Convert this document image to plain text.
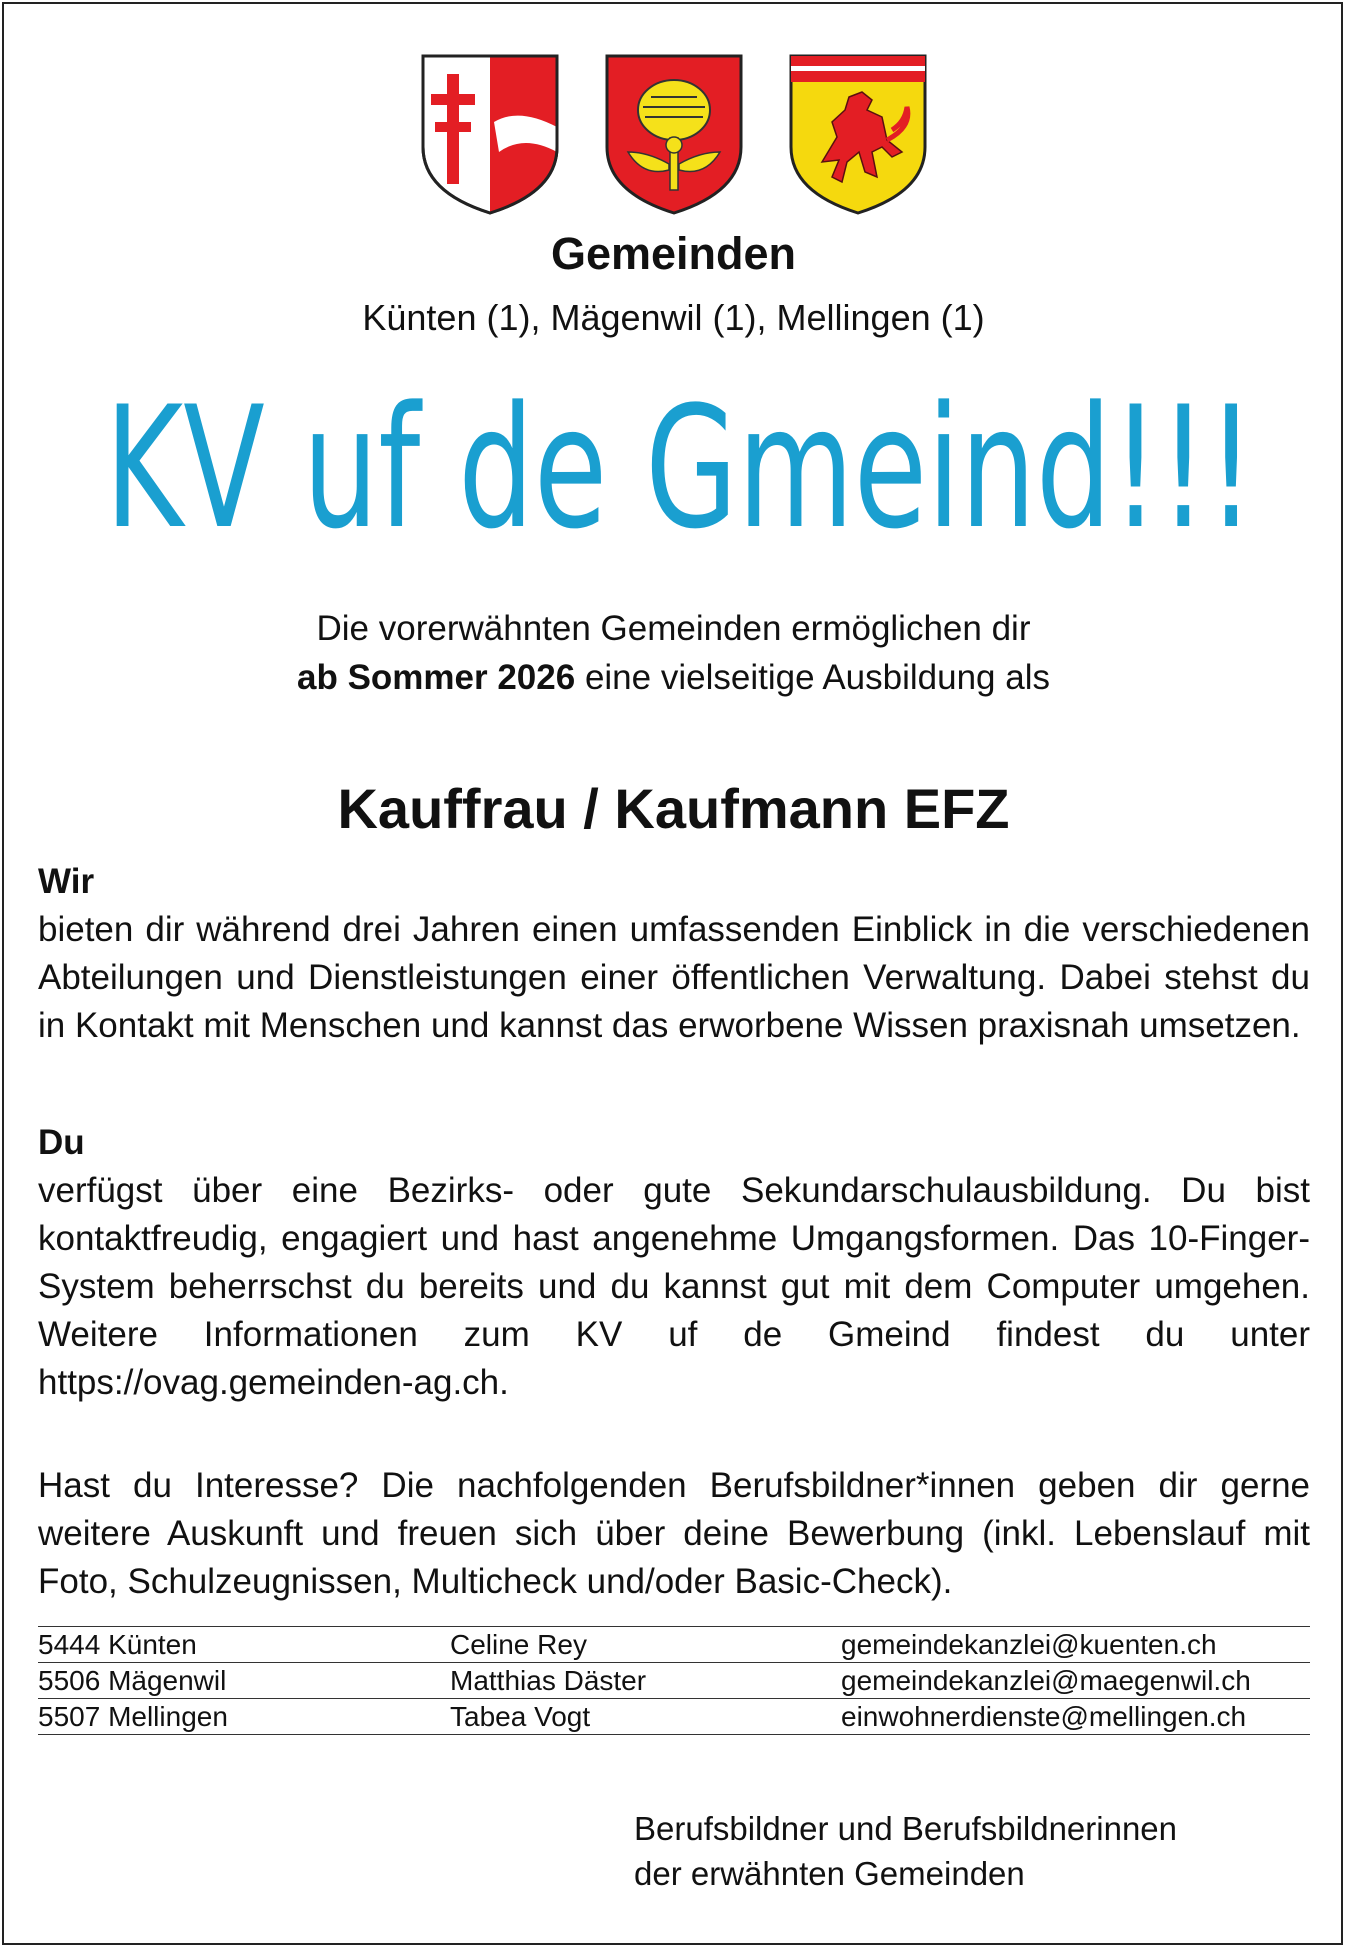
Gemeinden
Künten (1), Mägenwil (1), Mellingen (1)
KV uf de Gmeind!!!
Die vorerwähnten Gemeinden ermöglichen dir
ab Sommer 2026 eine vielseitige Ausbildung als
Kauffrau / Kaufmann EFZ
Wir

bieten dir während drei Jahren einen umfassenden Einblick in die verschiedenen Abteilungen und Dienstleistungen einer öffentlichen Verwaltung. Dabei stehst du in Kontakt mit Menschen und kannst das erworbene Wissen praxisnah umsetzen.

Du

verfügst über eine Bezirks- oder gute Sekundarschulausbildung. Du bist kontaktfreudig, engagiert und hast angenehme Umgangsformen. Das 10-Finger-System beherrschst du bereits und du kannst gut mit dem Computer umgehen. Weitere Informationen zum KV uf de Gmeind findest du unter https://ovag.gemeinden-ag.ch.

Hast du Interesse? Die nachfolgenden Berufsbildner*innen geben dir gerne weitere Auskunft und freuen sich über deine Bewerbung (inkl. Lebenslauf mit Foto, Schulzeugnissen, Multicheck und/oder Basic-Check).

5444 Künten	Celine Rey	gemeindekanzlei@kuenten.ch
5506 Mägenwil	Matthias Däster	gemeindekanzlei@maegenwil.ch
5507 Mellingen	Tabea Vogt	einwohnerdienste@mellingen.ch
Berufsbildner und Berufsbildnerinnen
der erwähnten Gemeinden
